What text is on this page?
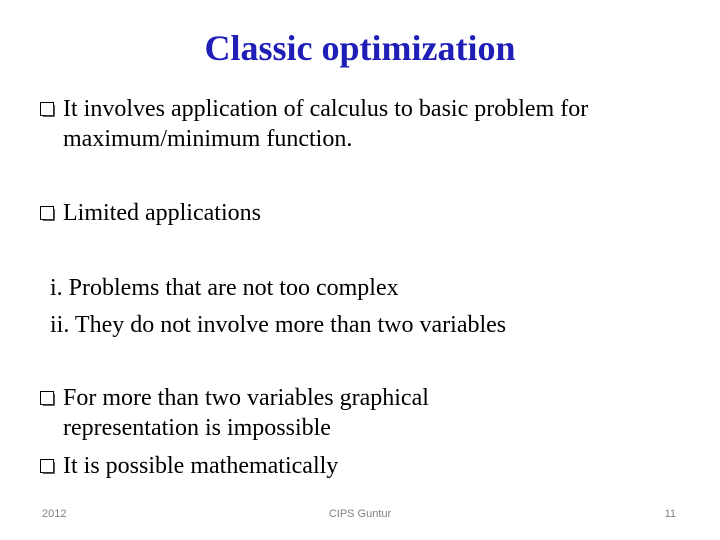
Classic optimization
It involves application of calculus to basic problem for maximum/minimum function.
Limited applications
i. Problems that are not too complex
ii. They do not involve more than two variables
For more than two variables graphical representation is impossible
It is possible mathematically
2012	CIPS Guntur	11
